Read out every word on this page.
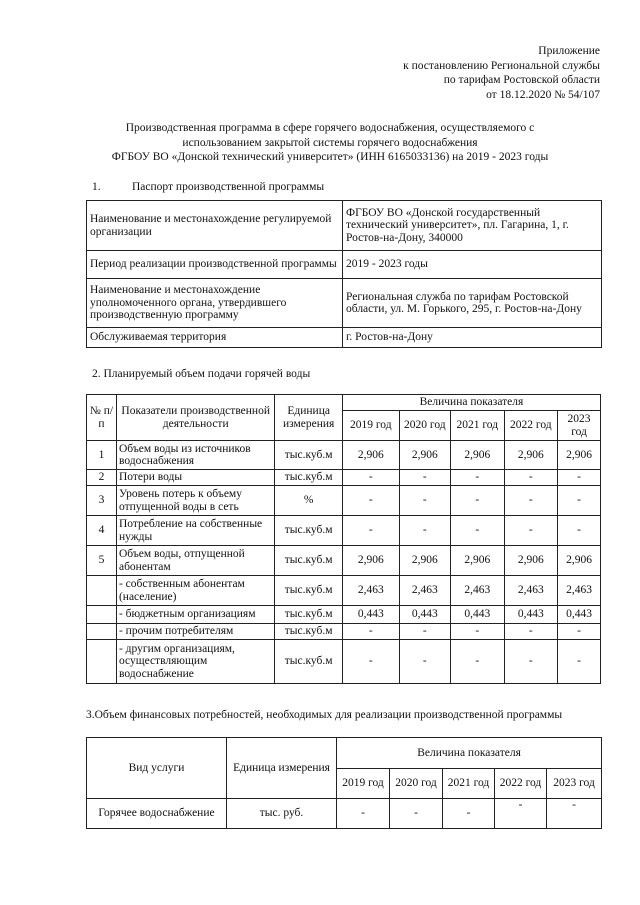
Приложение
к постановлению Региональной службы
по тарифам Ростовской области
от 18.12.2020 № 54/107
Производственная программа в сфере горячего водоснабжения, осуществляемого с
использованием закрытой системы горячего водоснабжения
ФГБОУ ВО «Донской технический университет» (ИНН 6165033136) на 2019 - 2023 годы
1.	Паспорт производственной программы
Наименование и местонахождение регулируемой организации	ФГБОУ ВО «Донской государственный технический университет», пл. Гагарина, 1, г. Ростов-на-Дону, 340000
Период реализации производственной программы	2019 - 2023 годы
Наименование и местонахождение уполномоченного органа, утвердившего производственную программу	Региональная служба по тарифам Ростовской области, ул. М. Горького, 295, г. Ростов-на-Дону
Обслуживаемая территория	г. Ростов-на-Дону
2. Планируемый объем подачи горячей воды
№ п/п	Показатели производственной деятельности	Единица измерения	Величина показателя				
			2019 год	2020 год	2021 год	2022 год	2023 год
1	Объем воды из источников водоснабжения	тыс.куб.м	2,906	2,906	2,906	2,906	2,906
2	Потери воды	тыс.куб.м	-	-	-	-	-
3	Уровень потерь к объему отпущенной воды в сеть	%	-	-	-	-	-
4	Потребление на собственные нужды	тыс.куб.м	-	-	-	-	-
5	Объем воды, отпущенной абонентам	тыс.куб.м	2,906	2,906	2,906	2,906	2,906
	- собственным абонентам (население)	тыс.куб.м	2,463	2,463	2,463	2,463	2,463
	- бюджетным организациям	тыс.куб.м	0,443	0,443	0,443	0,443	0,443
	- прочим потребителям	тыс.куб.м	-	-	-	-	-
	- другим организациям, осуществляющим водоснабжение	тыс.куб.м	-	-	-	-	-
3.Объем финансовых потребностей, необходимых для реализации производственной программы
Вид услуги	Единица измерения	Величина показателя				
		2019 год	2020 год	2021 год	2022 год	2023 год
Горячее водоснабжение	тыс. руб.	-	-	-	-	-
